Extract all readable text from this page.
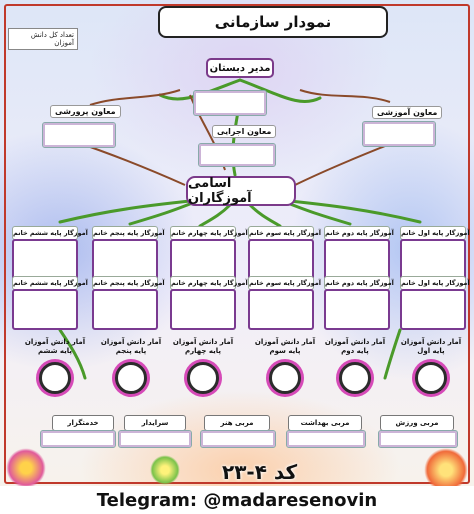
نمودار سازمانی
تعداد کل دانش آموزان
مدیر دبستان
معاون پرورشی	معاون آموزشی
معاون اجرایی
اسامی آموزگاران
آموزگار پایه اول خانم
آموزگار پایه دوم خانم
آموزگار پایه سوم خانم
آموزگار پایه چهارم خانم
آموزگار پایه پنجم خانم
آموزگار پایه ششم خانم
آموزگار پایه اول خانم
آموزگار پایه دوم خانم
آموزگار پایه سوم خانم
آموزگار پایه چهارم خانم
آموزگار پایه پنجم خانم
آموزگار پایه ششم خانم
آمار دانش آموزان پایه اول
آمار دانش آموزان پایه دوم
آمار دانش آموزان پایه سوم
آمار دانش آموزان پایه چهارم
آمار دانش آموزان پایه پنجم
آمار دانش آموزان پایه ششم
مربی ورزش
مربی بهداشت
مربی هنر
سرایدار
خدمتگزار
کد ۴-۲۳
Telegram: @madaresenovin
